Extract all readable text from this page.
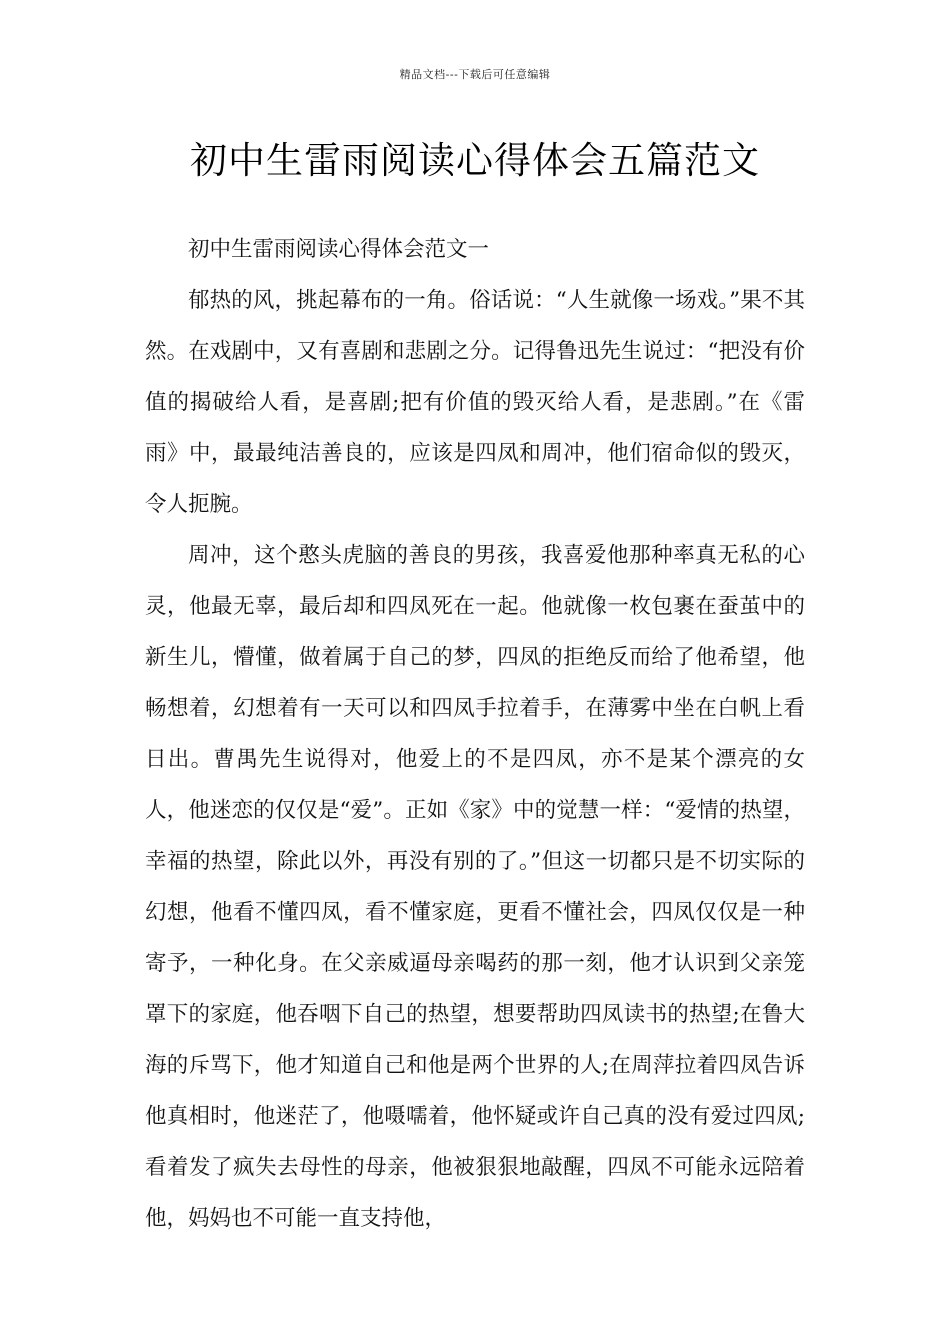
精品文档---下载后可任意编辑
初中生雷雨阅读心得体会五篇范文

初中生雷雨阅读心得体会范文一

郁热的风，挑起幕布的一角。俗话说：“人生就像一场戏。”果不其然。在戏剧中，又有喜剧和悲剧之分。记得鲁迅先生说过：“把没有价值的揭破给人看，是喜剧;把有价值的毁灭给人看，是悲剧。”在《雷雨》中，最最纯洁善良的，应该是四凤和周冲，他们宿命似的毁灭，令人扼腕。

周冲，这个憨头虎脑的善良的男孩，我喜爱他那种率真无私的心灵，他最无辜，最后却和四凤死在一起。他就像一枚包裹在蚕茧中的新生儿，懵懂，做着属于自己的梦，四凤的拒绝反而给了他希望，他畅想着，幻想着有一天可以和四凤手拉着手，在薄雾中坐在白帆上看日出。曹禺先生说得对，他爱上的不是四凤，亦不是某个漂亮的女人，他迷恋的仅仅是“爱”。正如《家》中的觉慧一样：“爱情的热望，幸福的热望，除此以外，再没有别的了。”但这一切都只是不切实际的幻想，他看不懂四凤，看不懂家庭，更看不懂社会，四凤仅仅是一种寄予，一种化身。在父亲威逼母亲喝药的那一刻，他才认识到父亲笼罩下的家庭，他吞咽下自己的热望，想要帮助四凤读书的热望;在鲁大海的斥骂下，他才知道自己和他是两个世界的人;在周萍拉着四凤告诉他真相时，他迷茫了，他嗫嚅着，他怀疑或许自己真的没有爱过四凤;看着发了疯失去母性的母亲，他被狠狠地敲醒，四凤不可能永远陪着他，妈妈也不可能一直支持他，
